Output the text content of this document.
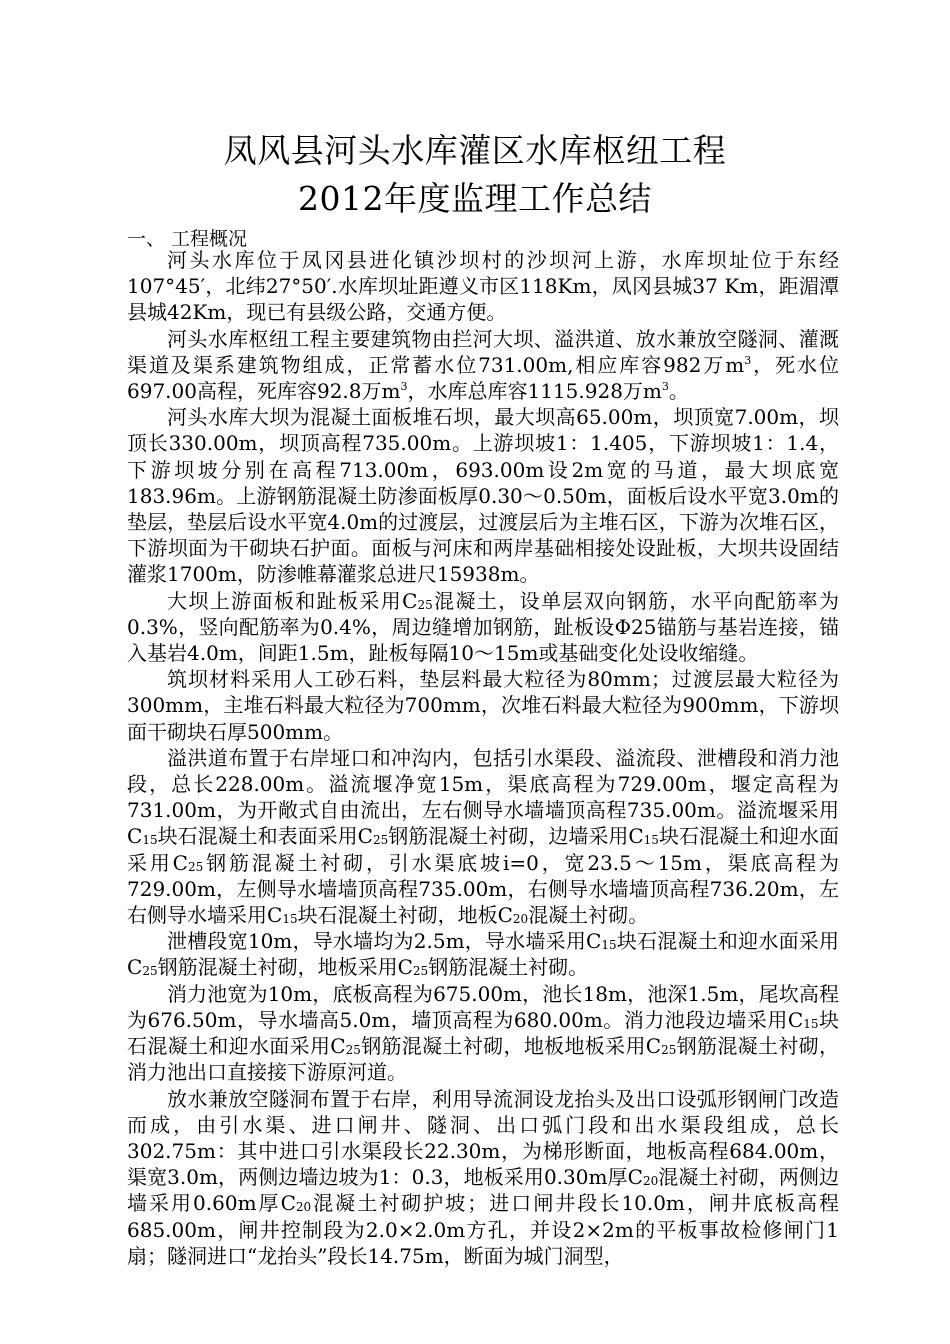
凤风县河头水库灌区水库枢纽工程
2012年度监理工作总结
一、 工程概况

河头水库位于凤冈县进化镇沙坝村的沙坝河上游，水库坝址位于东经107°45′，北纬27°50′.水库坝址距遵义市区118Km，凤冈县城37 Km，距湄潭县城42Km，现已有县级公路，交通方便。

河头水库枢纽工程主要建筑物由拦河大坝、溢洪道、放水兼放空隧洞、灌溉渠道及渠系建筑物组成，正常蓄水位731.00m,相应库容982万$m^3$，死水位697.00高程，死库容92.8万$m^3$，水库总库容1115.928万$m^3$。

河头水库大坝为混凝土面板堆石坝，最大坝高65.00m，坝顶宽7.00m，坝顶长330.00m，坝顶高程735.00m。上游坝坡1：1.405，下游坝坡1：1.4，下游坝坡分别在高程713.00m，693.00m设2m宽的马道，最大坝底宽183.96m。上游钢筋混凝土防渗面板厚0.30～0.50m，面板后设水平宽3.0m的垫层，垫层后设水平宽4.0m的过渡层，过渡层后为主堆石区，下游为次堆石区，下游坝面为干砌块石护面。面板与河床和两岸基础相接处设趾板，大坝共设固结灌浆1700m，防渗帷幕灌浆总进尺15938m。

大坝上游面板和趾板采用$C_{25}$混凝土，设单层双向钢筋，水平向配筋率为0.3%，竖向配筋率为0.4%，周边缝增加钢筋，趾板设Φ25锚筋与基岩连接，锚入基岩4.0m，间距1.5m，趾板每隔10～15m或基础变化处设收缩缝。

筑坝材料采用人工砂石料，垫层料最大粒径为80mm；过渡层最大粒径为300mm，主堆石料最大粒径为700mm，次堆石料最大粒径为900mm，下游坝面干砌块石厚500mm。

溢洪道布置于右岸垭口和冲沟内，包括引水渠段、溢流段、泄槽段和消力池段，总长228.00m。溢流堰净宽15m，渠底高程为729.00m，堰定高程为731.00m，为开敞式自由流出，左右侧导水墙墙顶高程735.00m。溢流堰采用$C_{15}$块石混凝土和表面采用$C_{25}$钢筋混凝土衬砌，边墙采用$C_{15}$块石混凝土和迎水面采用$C_{25}$钢筋混凝土衬砌，引水渠底坡i=0，宽23.5～15m，渠底高程为729.00m，左侧导水墙墙顶高程735.00m，右侧导水墙墙顶高程736.20m，左右侧导水墙采用$C_{15}$块石混凝土衬砌，地板$C_{20}$混凝土衬砌。

泄槽段宽10m，导水墙均为2.5m，导水墙采用$C_{15}$块石混凝土和迎水面采用$C_{25}$钢筋混凝土衬砌，地板采用$C_{25}$钢筋混凝土衬砌。

消力池宽为10m，底板高程为675.00m，池长18m，池深1.5m，尾坎高程为676.50m，导水墙高5.0m，墙顶高程为680.00m。消力池段边墙采用$C_{15}$块石混凝土和迎水面采用$C_{25}$钢筋混凝土衬砌，地板地板采用$C_{25}$钢筋混凝土衬砌，消力池出口直接接下游原河道。

放水兼放空隧洞布置于右岸，利用导流洞设龙抬头及出口设弧形钢闸门改造而成，由引水渠、进口闸井、隧洞、出口弧门段和出水渠段组成，总长302.75m：其中进口引水渠段长22.30m，为梯形断面，地板高程684.00m，渠宽3.0m，两侧边墙边坡为1：0.3，地板采用0.30m厚$C_{20}$混凝土衬砌，两侧边墙采用0.60m厚$C_{20}$混凝土衬砌护坡；进口闸井段长10.0m，闸井底板高程685.00m，闸井控制段为2.0×2.0m方孔，并设2×2m的平板事故检修闸门1扇；隧洞进口“龙抬头”段长14.75m，断面为城门洞型，
